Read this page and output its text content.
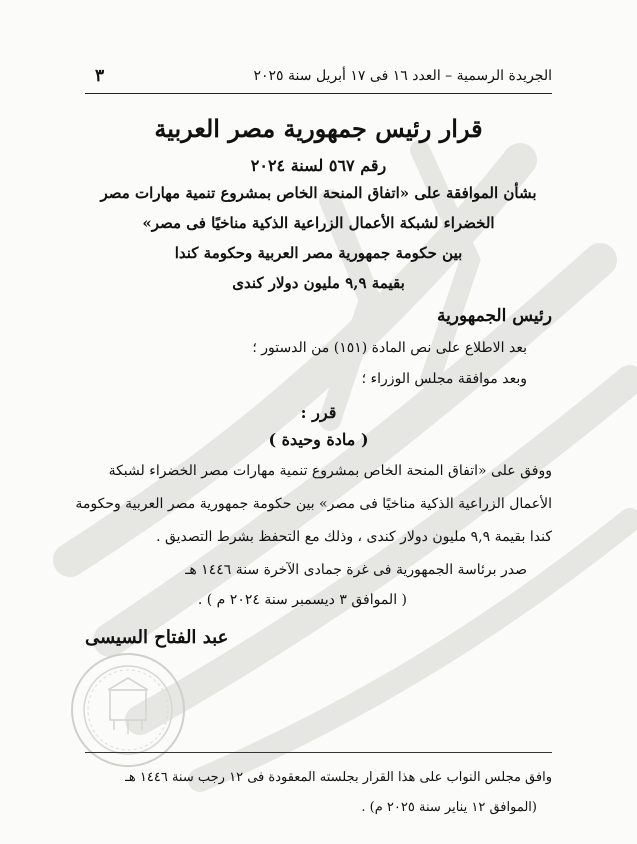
الجريدة الرسمية – العدد ١٦ فى ١٧ أبريل سنة ٢٠٢٥
٣
قرار رئيس جمهورية مصر العربية
رقم ٥٦٧ لسنة ٢٠٢٤
بشأن الموافقة على «اتفاق المنحة الخاص بمشروع تنمية مهارات مصر
الخضراء لشبكة الأعمال الزراعية الذكية مناخيًا فى مصر»
بين حكومة جمهورية مصر العربية وحكومة كندا
بقيمة ٩,٩ مليون دولار كندى
رئيس الجمهورية
بعد الاطلاع على نص المادة (١٥١) من الدستور ؛
وبعد موافقة مجلس الوزراء ؛
قرر :
( مادة وحيدة )
ووفق على «اتفاق المنحة الخاص بمشروع تنمية مهارات مصر الخضراء لشبكة
الأعمال الزراعية الذكية مناخيًا فى مصر» بين حكومة جمهورية مصر العربية وحكومة
كندا بقيمة ٩,٩ مليون دولار كندى ، وذلك مع التحفظ بشرط التصديق .
صدر برئاسة الجمهورية فى غرة جمادى الآخرة سنة ١٤٤٦ هـ
( الموافق ٣ ديسمبر سنة ٢٠٢٤ م ) .
عبد الفتاح السيسى
وافق مجلس النواب على هذا القرار بجلسته المعقودة فى ١٢ رجب سنة ١٤٤٦ هـ
(الموافق ١٢ يناير سنة ٢٠٢٥ م) .
